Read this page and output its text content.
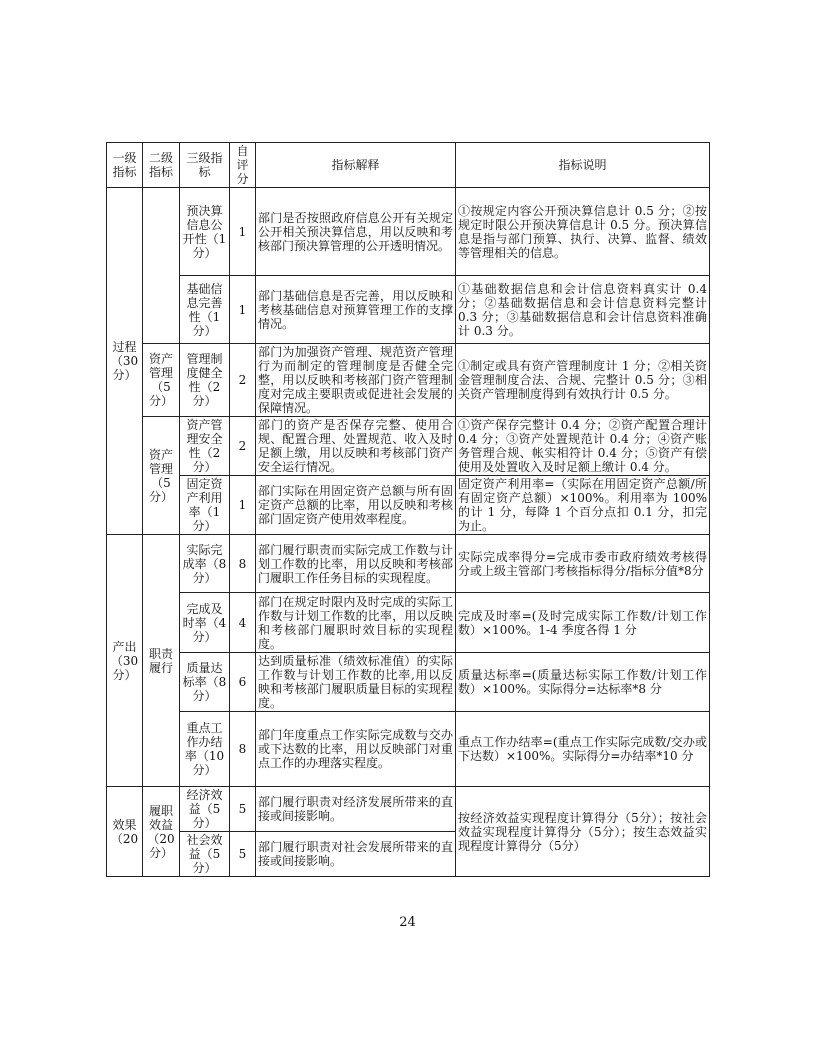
一级指标	二级指标	三级指标	自评分	指标解释	指标说明
过程（30分）		预决算信息公开性（1分）	1	部门是否按照政府信息公开有关规定公开相关预决算信息，用以反映和考核部门预决算管理的公开透明情况。	①按规定内容公开预决算信息计 0.5 分；②按规定时限公开预决算信息计 0.5 分。预决算信息是指与部门预算、执行、决算、监督、绩效等管理相关的信息。
		基础信息完善性（1分）	1	部门基础信息是否完善，用以反映和考核基础信息对预算管理工作的支撑情况。	①基础数据信息和会计信息资料真实计 0.4 分；②基础数据信息和会计信息资料完整计 0.3 分；③基础数据信息和会计信息资料准确计 0.3 分。
	资产管理（5分）	管理制度健全性（2分）	2	部门为加强资产管理、规范资产管理行为而制定的管理制度是否健全完整，用以反映和考核部门资产管理制度对完成主要职责或促进社会发展的保障情况。	①制定或具有资产管理制度计 1 分；②相关资金管理制度合法、合规、完整计 0.5 分；③相关资产管理制度得到有效执行计 0.5 分。
	资产管理（5分）	资产管理安全性（2分）	2	部门的资产是否保存完整、使用合规、配置合理、处置规范、收入及时足额上缴，用以反映和考核部门资产安全运行情况。	①资产保存完整计 0.4 分；②资产配置合理计 0.4 分；③资产处置规范计 0.4 分；④资产账务管理合规、帐实相符计 0.4 分；⑤资产有偿使用及处置收入及时足额上缴计 0.4 分。
		固定资产利用率（1分）	1	部门实际在用固定资产总额与所有固定资产总额的比率，用以反映和考核部门固定资产使用效率程度。	固定资产利用率=（实际在用固定资产总额/所有固定资产总额）×100%。利用率为 100%的计 1 分，每降 1 个百分点扣 0.1 分，扣完为止。
产出（30分）	职责履行	实际完成率（8分）	8	部门履行职责而实际完成工作数与计划工作数的比率，用以反映和考核部门履职工作任务目标的实现程度。	实际完成率得分=完成市委市政府绩效考核得分或上级主管部门考核指标得分/指标分值*8分
		完成及时率（4分）	4	部门在规定时限内及时完成的实际工作数与计划工作数的比率，用以反映和考核部门履职时效目标的实现程度。	完成及时率=(及时完成实际工作数/计划工作数）×100%。1-4 季度各得 1 分
		质量达标率（8分）	6	达到质量标准（绩效标准值）的实际工作数与计划工作数的比率,用以反映和考核部门履职质量目标的实现程度。	质量达标率=(质量达标实际工作数/计划工作数）×100%。实际得分=达标率*8 分
		重点工作办结率（10分）	8	部门年度重点工作实际完成数与交办或下达数的比率，用以反映部门对重点工作的办理落实程度。	重点工作办结率=(重点工作实际完成数/交办或下达数）×100%。实际得分=办结率*10 分
效果（20	履职效益（20分）	经济效益（5分）	5	部门履行职责对经济发展所带来的直接或间接影响。	按经济效益实现程度计算得分（5分）；按社会效益实现程度计算得分（5分）；按生态效益实现程度计算得分（5分）
		社会效益（5分）	5	部门履行职责对社会发展所带来的直接或间接影响。	
24
